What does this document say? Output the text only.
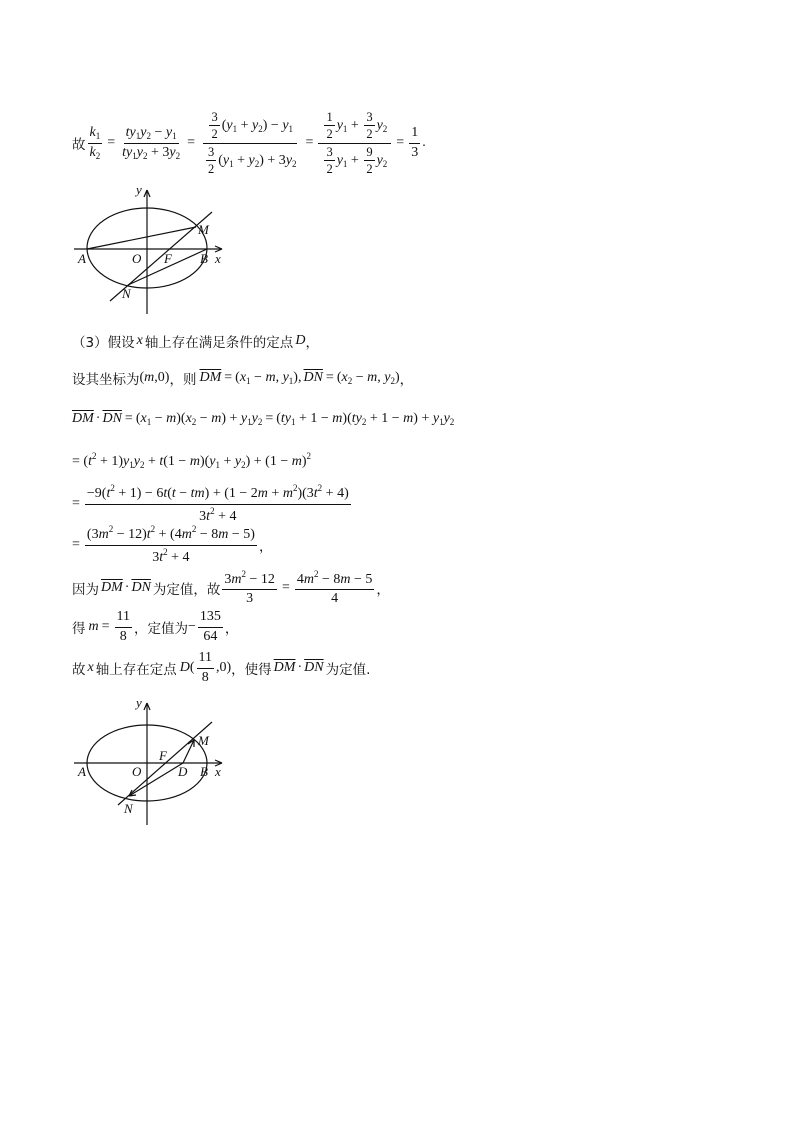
故 $\frac{k_1}{k_2} = \frac{ty_1y_2 - y_1}{ty_1y_2 + 3y_2} = \frac{\frac{3}{2} (y_1 + y_2) - y_1}{\frac{3}{2} (y_1 + y_2) + 3y_2} = \frac{\frac{1}{2} y_1 + \frac{3}{2} y_2}{\frac{3}{2} y_1 + \frac{9}{2} y_2} = \frac{1}{3}$ .
y
M
A	O F B x
N
（3）假设 x 轴上存在满足条件的定点 D ，
设其坐标为 (m,0) ， 则 $\overline{DM} = (x_1 - m$, $y_1$), $\overline{DN} = (x_2 - m$, $y_2$) ，
$\overline{DM} \cdot \overline{DN} = (x_1 - m)(x_2 - m) + y_1y_2 = (ty_1 + 1 - m)(ty_2 + 1 - m) + y_1y_2$
= $(t^2 + 1)y_1y_2 + t(1 - m)(y_1 + y_2) + (1 - m)^2$
= $\frac{-9(t^2 + 1) - 6t(t - tm) + (1 - 2m + m^2)(3t^2 + 4)}{3t^2 + 4}$
= $\frac{(3m^2 - 12)t^2 + (4m^2 - 8m - 5)}{3t^2 + 4}$ ，
因为 $\overline{DM} \cdot \overline{DN}$ 为定值，故 $\frac{3m^2 - 12}{3} = \frac{4m^2 - 8m - 5}{4}$ ，
得 $m = \frac{11}{8}$ ，定值为 − $\frac{135}{64}$ ，
故 x 轴上存在定点 $D( \frac{11}{8} ,0)$ ，使得 $\overline{DM} \cdot \overline{DN}$ 为定值.
y
M
F
A	O	D B x
N
